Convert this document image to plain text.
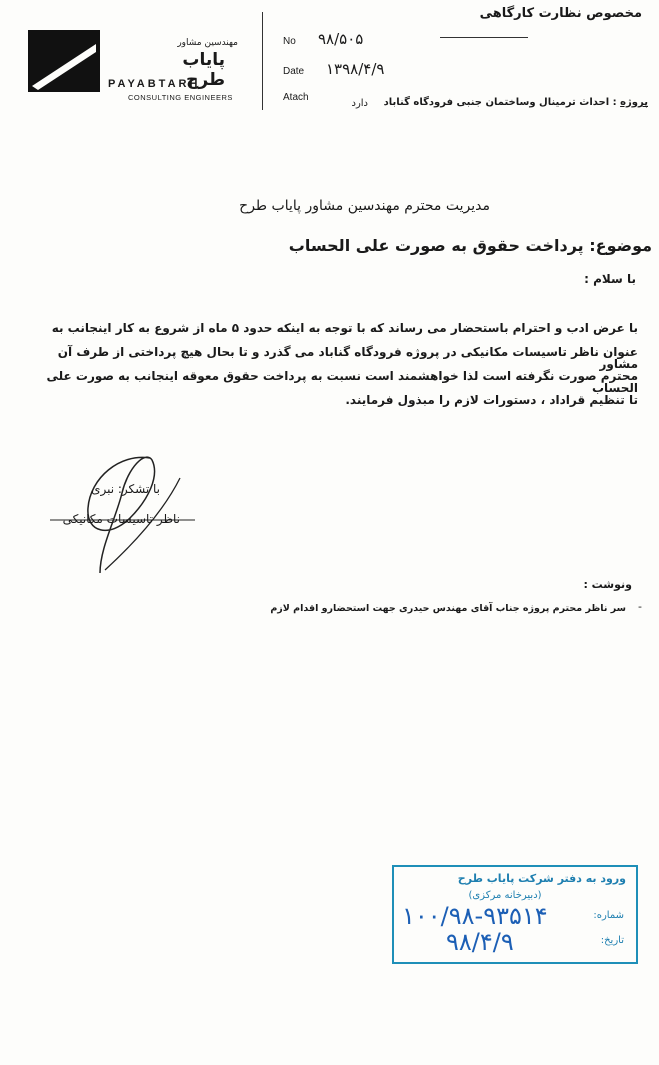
مهندسین مشاور
پایاب طرح
PAYABTARH
CONSULTING ENGINEERS
No ۹۸/۵۰۵
Date ۱۳۹۸/۴/۹
Atach
دارد
مخصوص نظارت کارگاهی
پروژه : احداث ترمینال وساختمان جنبی فرودگاه گناباد
مدیریت محترم مهندسین مشاور پایاب طرح
موضوع: پرداخت حقوق به صورت علی الحساب
با سلام :
با عرض ادب و احترام باستحضار می رساند که با توجه به اینکه حدود ۵ ماه از شروع به کار اینجانب به
عنوان ناظر تاسیسات مکانیکی در پروژه فرودگاه گناباد می گذرد و تا بحال هیچ پرداختی از طرف آن مشاور
محترم صورت نگرفته است لذا خواهشمند است نسبت به پرداخت حقوق معوقه اینجانب به صورت علی الحساب
تا تنظیم قراداد ، دستورات لازم را مبذول فرمایند.
با تشکر: نبری
ناظر تاسیسات مکانیکی
ونوشت :
سر ناظر محترم پروژه جناب آقای مهندس حیدری جهت استحضارو اقدام لازم -
ورود به دفتر شرکت پایاب طرح
(دبیرخانه مرکزی)
شماره:
تاریخ:
۱۰۰/۹۸-۹۳۵۱۴
۹۸/۴/۹
